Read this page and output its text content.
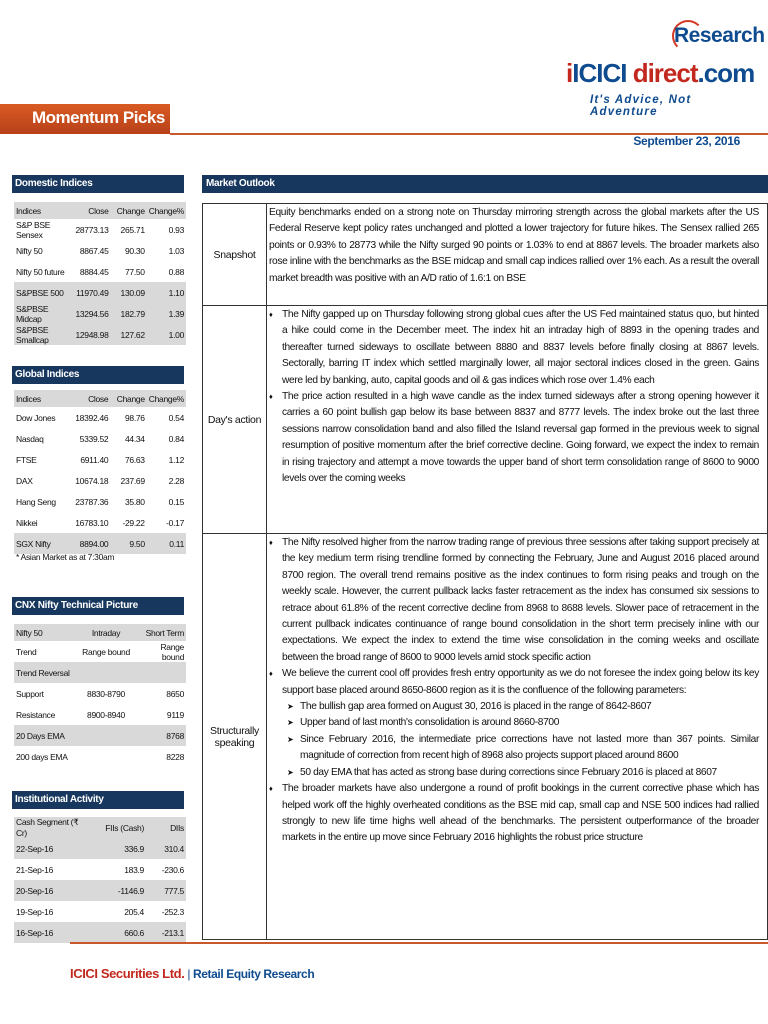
Research
iICICI direct.com
It's Advice, Not Adventure
Momentum Picks
September 23, 2016
Domestic Indices
Indices	Close	Change	Change%
S&P BSE Sensex	28773.13	265.71	0.93
Nifty 50	8867.45	90.30	1.03
Nifty 50 future	8884.45	77.50	0.88
S&PBSE 500	11970.49	130.09	1.10
S&PBSE Midcap	13294.56	182.79	1.39
S&PBSE Smallcap	12948.98	127.62	1.00
Global Indices
Indices	Close	Change	Change%
Dow Jones	18392.46	98.76	0.54
Nasdaq	5339.52	44.34	0.84
FTSE	6911.40	76.63	1.12
DAX	10674.18	237.69	2.28
Hang Seng	23787.36	35.80	0.15
Nikkei	16783.10	-29.22	-0.17
SGX Nifty	8894.00	9.50	0.11
* Asian Market as at 7:30am
CNX Nifty Technical Picture
Nifty 50	Intraday	Short Term
Trend	Range bound	Range bound
Trend Reversal		
Support	8830-8790	8650
Resistance	8900-8940	9119
20 Days EMA		8768
200 days EMA		8228
Institutional Activity
Cash Segment (₹ Cr)	FIIs (Cash)	DIIs
22-Sep-16	336.9	310.4
21-Sep-16	183.9	-230.6
20-Sep-16	-1146.9	777.5
19-Sep-16	205.4	-252.3
16-Sep-16	660.6	-213.1
Market Outlook
Snapshot

Equity benchmarks ended on a strong note on Thursday mirroring strength across the global markets after the US Federal Reserve kept policy rates unchanged and plotted a lower trajectory for future hikes. The Sensex rallied 265 points or 0.93% to 28773 while the Nifty surged 90 points or 1.03% to end at 8867 levels. The broader markets also rose inline with the benchmarks as the BSE midcap and small cap indices rallied over 1% each. As a result the overall market breadth was positive with an A/D ratio of 1.6:1 on BSE

Day's action

♦ The Nifty gapped up on Thursday following strong global cues after the US Fed maintained status quo, but hinted a hike could come in the December meet. The index hit an intraday high of 8893 in the opening trades and thereafter turned sideways to oscillate between 8880 and 8837 levels before finally closing at 8867 levels. Sectorally, barring IT index which settled marginally lower, all major sectoral indices closed in the green. Gains were led by banking, auto, capital goods and oil & gas indices which rose over 1.4% each

♦ The price action resulted in a high wave candle as the index turned sideways after a strong opening however it carries a 60 point bullish gap below its base between 8837 and 8777 levels. The index broke out the last three sessions narrow consolidation band and also filled the Island reversal gap formed in the previous week to signal resumption of positive momentum after the brief corrective decline. Going forward, we expect the index to remain in rising trajectory and attempt a move towards the upper band of short term consolidation range of 8600 to 9000 levels over the coming weeks

Structurally speaking

♦ The Nifty resolved higher from the narrow trading range of previous three sessions after taking support precisely at the key medium term rising trendline formed by connecting the February, June and August 2016 placed around 8700 region. The overall trend remains positive as the index continues to form rising peaks and trough on the weekly scale. However, the current pullback lacks faster retracement as the index has consumed six sessions to retrace about 61.8% of the recent corrective decline from 8968 to 8688 levels. Slower pace of retracement in the current pullback indicates continuance of range bound consolidation in the short term precisely inline with our expectations. We expect the index to extend the time wise consolidation in the coming weeks and oscillate between the broad range of 8600 to 9000 levels amid stock specific action

♦ We believe the current cool off provides fresh entry opportunity as we do not foresee the index going below its key support base placed around 8650-8600 region as it is the confluence of the following parameters:

➤ The bullish gap area formed on August 30, 2016 is placed in the range of 8642-8607

➤ Upper band of last month's consolidation is around 8660-8700

➤ Since February 2016, the intermediate price corrections have not lasted more than 367 points. Similar magnitude of correction from recent high of 8968 also projects support placed around 8600

➤ 50 day EMA that has acted as strong base during corrections since February 2016 is placed at 8607

♦ The broader markets have also undergone a round of profit bookings in the current corrective phase which has helped work off the highly overheated conditions as the BSE mid cap, small cap and NSE 500 indices had rallied strongly to new life time highs well ahead of the benchmarks. The persistent outperformance of the broader markets in the entire up move since February 2016 highlights the robust price structure

ICICI Securities Ltd. | Retail Equity Research
